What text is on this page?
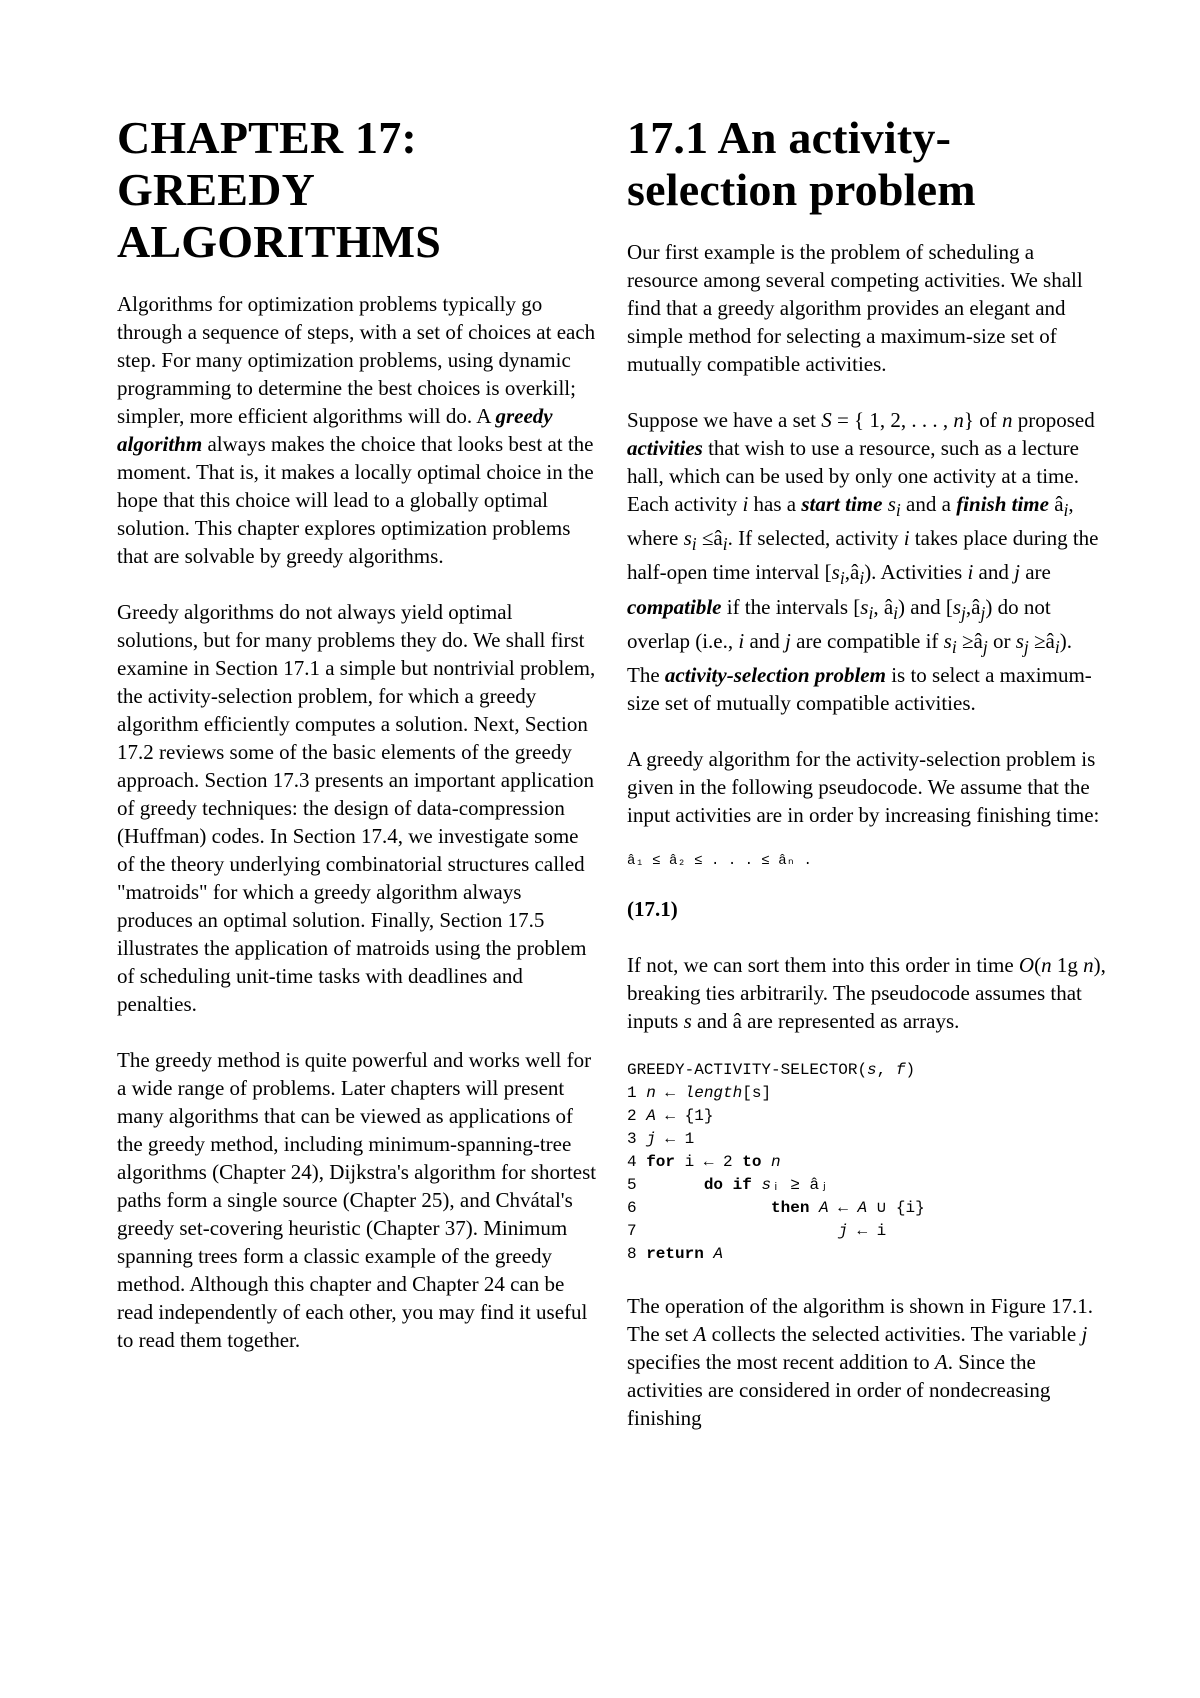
CHAPTER 17:
GREEDY
ALGORITHMS

Algorithms for optimization problems typically go through a sequence of steps, with a set of choices at each step. For many optimization problems, using dynamic programming to determine the best choices is overkill; simpler, more efficient algorithms will do. A greedy algorithm always makes the choice that looks best at the moment. That is, it makes a locally optimal choice in the hope that this choice will lead to a globally optimal solution. This chapter explores optimization problems that are solvable by greedy algorithms.

Greedy algorithms do not always yield optimal solutions, but for many problems they do. We shall first examine in Section 17.1 a simple but nontrivial problem, the activity-selection problem, for which a greedy algorithm efficiently computes a solution. Next, Section 17.2 reviews some of the basic elements of the greedy approach. Section 17.3 presents an important application of greedy techniques: the design of data-compression (Huffman) codes. In Section 17.4, we investigate some of the theory underlying combinatorial structures called "matroids" for which a greedy algorithm always produces an optimal solution. Finally, Section 17.5 illustrates the application of matroids using the problem of scheduling unit-time tasks with deadlines and penalties.

The greedy method is quite powerful and works well for a wide range of problems. Later chapters will present many algorithms that can be viewed as applications of the greedy method, including minimum-spanning-tree algorithms (Chapter 24), Dijkstra's algorithm for shortest paths form a single source (Chapter 25), and Chvátal's greedy set-covering heuristic (Chapter 37). Minimum spanning trees form a classic example of the greedy method. Although this chapter and Chapter 24 can be read independently of each other, you may find it useful to read them together.

17.1 An activity-
selection problem

Our first example is the problem of scheduling a resource among several competing activities. We shall find that a greedy algorithm provides an elegant and simple method for selecting a maximum-size set of mutually compatible activities.

Suppose we have a set S = { 1, 2, . . . , n} of n proposed activities that wish to use a resource, such as a lecture hall, which can be used by only one activity at a time. Each activity i has a start time $s_i$ and a finish time $â_i$, where $s_i$ $\le â_i$. If selected, activity i takes place during the half-open time interval $[s_i,â_i)$. Activities i and j are compatible if the intervals [$s_i$, $â_i$) and $[s_j,â_j)$ do not overlap (i.e., i and j are compatible if $s_i$ $\ge â_j$ or $s_j$ $\ge â_i$). The activity-selection problem is to select a maximum-size set of mutually compatible activities.

A greedy algorithm for the activity-selection problem is given in the following pseudocode. We assume that the input activities are in order by increasing finishing time:

â₁ ≤ â₂ ≤ . . . ≤ âₙ .
(17.1)

If not, we can sort them into this order in time O(n 1g n), breaking ties arbitrarily. The pseudocode assumes that inputs s and â are represented as arrays.

GREEDY-ACTIVITY-SELECTOR(s, f)
1 n ← length[s]
2 A ← {1}
3 j ← 1
4 for i ← 2 to n
5       do if sᵢ ≥ âⱼ
6              then A ← A ∪ {i}
7                     j ← i
8 return A

The operation of the algorithm is shown in Figure 17.1. The set A collects the selected activities. The variable j specifies the most recent addition to A. Since the activities are considered in order of nondecreasing finishing
